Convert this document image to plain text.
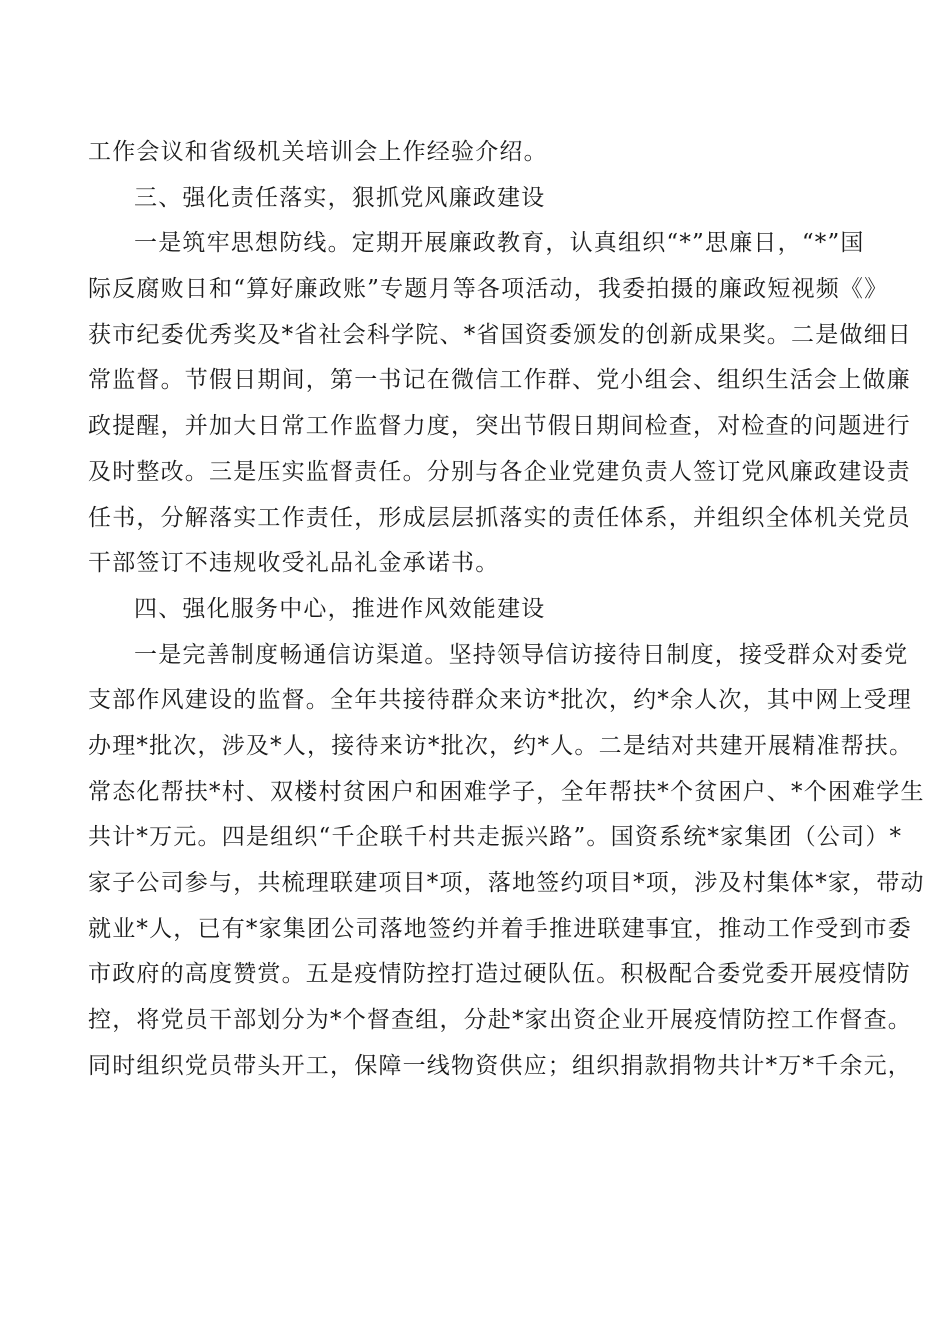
工作会议和省级机关培训会上作经验介绍。
三、强化责任落实，狠抓党风廉政建设
一是筑牢思想防线。定期开展廉政教育，认真组织“*”思廉日，“*”国
际反腐败日和“算好廉政账”专题月等各项活动，我委拍摄的廉政短视频《》
获市纪委优秀奖及*省社会科学院、*省国资委颁发的创新成果奖。二是做细日
常监督。节假日期间，第一书记在微信工作群、党小组会、组织生活会上做廉
政提醒，并加大日常工作监督力度，突出节假日期间检查，对检查的问题进行
及时整改。三是压实监督责任。分别与各企业党建负责人签订党风廉政建设责
任书，分解落实工作责任，形成层层抓落实的责任体系，并组织全体机关党员
干部签订不违规收受礼品礼金承诺书。
四、强化服务中心，推进作风效能建设
一是完善制度畅通信访渠道。坚持领导信访接待日制度，接受群众对委党
支部作风建设的监督。全年共接待群众来访*批次，约*余人次，其中网上受理
办理*批次，涉及*人，接待来访*批次，约*人。二是结对共建开展精准帮扶。
常态化帮扶*村、双楼村贫困户和困难学子，全年帮扶*个贫困户、*个困难学生
共计*万元。四是组织“千企联千村共走振兴路”。国资系统*家集团（公司）*
家子公司参与，共梳理联建项目*项，落地签约项目*项，涉及村集体*家，带动
就业*人，已有*家集团公司落地签约并着手推进联建事宜，推动工作受到市委
市政府的高度赞赏。五是疫情防控打造过硬队伍。积极配合委党委开展疫情防
控，将党员干部划分为*个督查组，分赴*家出资企业开展疫情防控工作督查。
同时组织党员带头开工，保障一线物资供应；组织捐款捐物共计*万*千余元，
